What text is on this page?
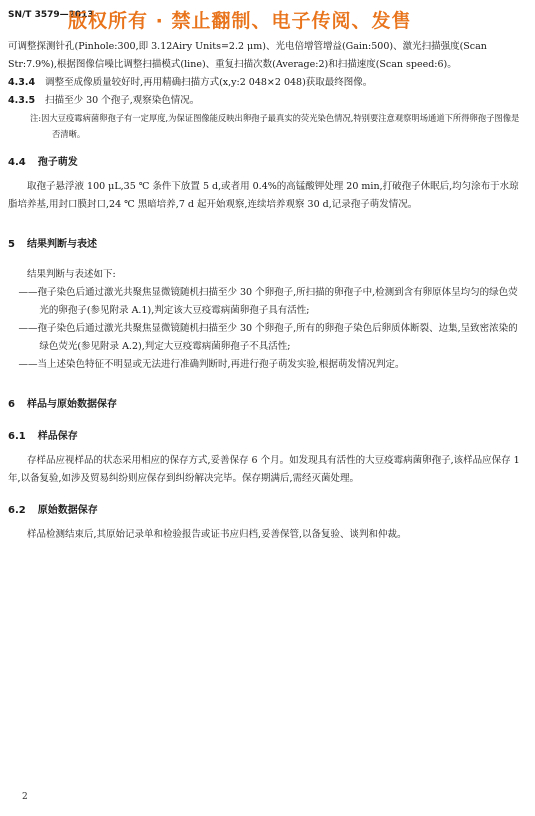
SN/T 3579—2013
版权所有 · 禁止翻制、电子传阅、发售

可调整探测针孔(Pinhole:300,即 3.12Airy Units=2.2 μm)、光电倍增管增益(Gain:500)、激光扫描强度(Scan Str:7.9%),根据图像信噪比调整扫描模式(line)、重复扫描次数(Average:2)和扫描速度(Scan speed:6)。

4.3.4 调整至成像质量较好时,再用精确扫描方式(x,y:2 048×2 048)获取最终图像。

4.3.5 扫描至少 30 个孢子,观察染色情况。

注:因大豆疫霉病菌卵孢子有一定厚度,为保证图像能反映出卵孢子最真实的荧光染色情况,特别要注意观察明场通道下所得卵孢子图像是否清晰。

4.4 孢子萌发

取孢子悬浮液 100 μL,35 ℃ 条件下放置 5 d,或者用 0.4%的高锰酸钾处理 20 min,打破孢子休眠后,均匀涂布于水琼脂培养基,用封口膜封口,24 ℃ 黑暗培养,7 d 起开始观察,连续培养观察 30 d,记录孢子萌发情况。

5 结果判断与表述

结果判断与表述如下:

——孢子染色后通过激光共聚焦显微镜随机扫描至少 30 个卵孢子,所扫描的卵孢子中,检测到含有卵原体呈均匀的绿色荧光的卵孢子(参见附录 A.1),判定该大豆疫霉病菌卵孢子具有活性;

——孢子染色后通过激光共聚焦显微镜随机扫描至少 30 个卵孢子,所有的卵孢子染色后卵质体断裂、边集,呈致密浓染的绿色荧光(参见附录 A.2),判定大豆疫霉病菌卵孢子不具活性;

——当上述染色特征不明显或无法进行准确判断时,再进行孢子萌发实验,根据萌发情况判定。

6 样品与原始数据保存
6.1 样品保存

存样品应视样品的状态采用相应的保存方式,妥善保存 6 个月。如发现具有活性的大豆疫霉病菌卵孢子,该样品应保存 1 年,以备复验,如涉及贸易纠纷则应保存到纠纷解决完毕。保存期满后,需经灭菌处理。

6.2 原始数据保存

样品检测结束后,其原始记录单和检验报告或证书应归档,妥善保管,以备复验、谈判和仲裁。

2
